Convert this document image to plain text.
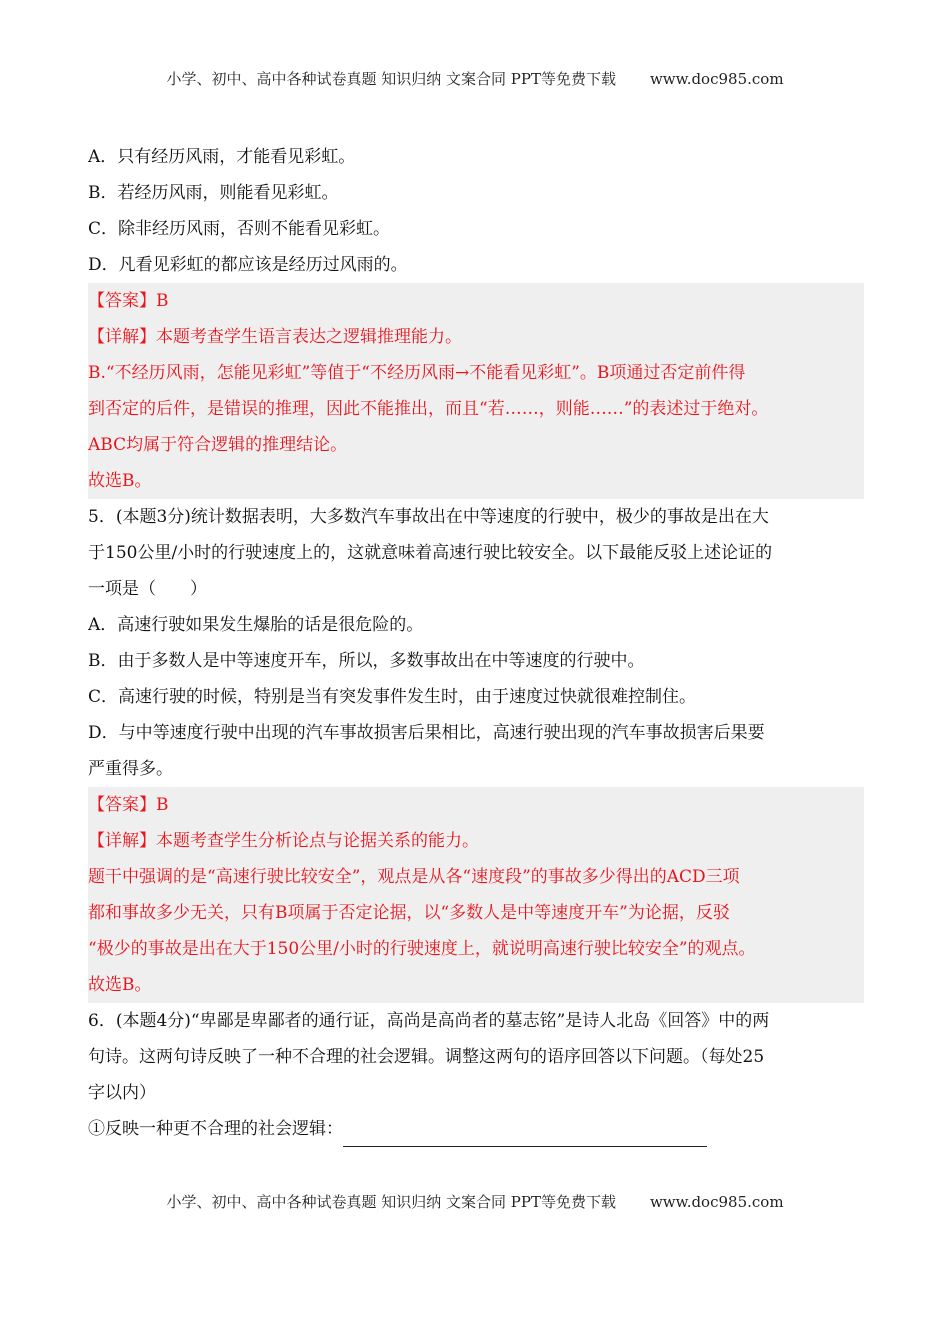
小学、初中、高中各种试卷真题 知识归纳 文案合同 PPT等免费下载 www.doc985.com
A．只有经历风雨，才能看见彩虹。
B．若经历风雨，则能看见彩虹。
C．除非经历风雨，否则不能看见彩虹。
D．凡看见彩虹的都应该是经历过风雨的。
【答案】B
【详解】本题考查学生语言表达之逻辑推理能力。
B.“不经历风雨，怎能见彩虹”等值于“不经历风雨→不能看见彩虹”。B项通过否定前件得
到否定的后件，是错误的推理，因此不能推出，而且“若……，则能……”的表述过于绝对。
ABC均属于符合逻辑的推理结论。
故选B。
5．(本题3分)统计数据表明，大多数汽车事故出在中等速度的行驶中，极少的事故是出在大
于150公里/小时的行驶速度上的，这就意味着高速行驶比较安全。以下最能反驳上述论证的
一项是（　　）
A．高速行驶如果发生爆胎的话是很危险的。
B．由于多数人是中等速度开车，所以，多数事故出在中等速度的行驶中。
C．高速行驶的时候，特别是当有突发事件发生时，由于速度过快就很难控制住。
D．与中等速度行驶中出现的汽车事故损害后果相比，高速行驶出现的汽车事故损害后果要
严重得多。
【答案】B
【详解】本题考查学生分析论点与论据关系的能力。
题干中强调的是“高速行驶比较安全”，观点是从各“速度段”的事故多少得出的ACD三项
都和事故多少无关，只有B项属于否定论据，以“多数人是中等速度开车”为论据，反驳
“极少的事故是出在大于150公里/小时的行驶速度上，就说明高速行驶比较安全”的观点。
故选B。
6．(本题4分)“卑鄙是卑鄙者的通行证，高尚是高尚者的墓志铭”是诗人北岛《回答》中的两
句诗。这两句诗反映了一种不合理的社会逻辑。调整这两句的语序回答以下问题。（每处25
字以内）
①反映一种更不合理的社会逻辑：
小学、初中、高中各种试卷真题 知识归纳 文案合同 PPT等免费下载 www.doc985.com
